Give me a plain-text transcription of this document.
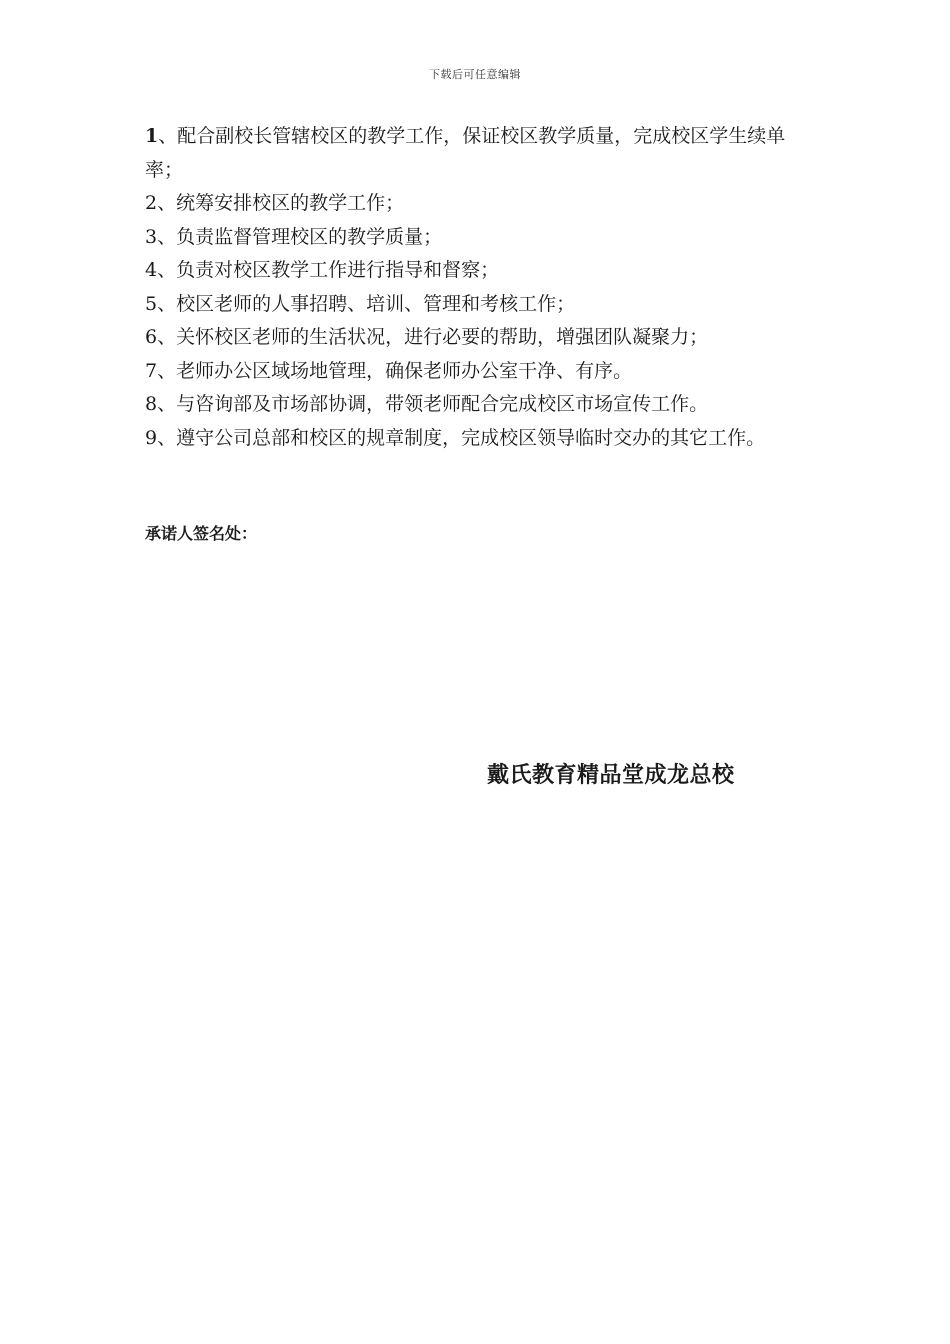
下载后可任意编辑
1、配合副校长管辖校区的教学工作，保证校区教学质量，完成校区学生续单率；
2、统筹安排校区的教学工作；
3、负责监督管理校区的教学质量；
4、负责对校区教学工作进行指导和督察；
5、校区老师的人事招聘、培训、管理和考核工作；
6、关怀校区老师的生活状况，进行必要的帮助，增强团队凝聚力；
7、老师办公区域场地管理，确保老师办公室干净、有序。
8、与咨询部及市场部协调，带领老师配合完成校区市场宣传工作。
9、遵守公司总部和校区的规章制度，完成校区领导临时交办的其它工作。
承诺人签名处：
戴氏教育精品堂成龙总校
